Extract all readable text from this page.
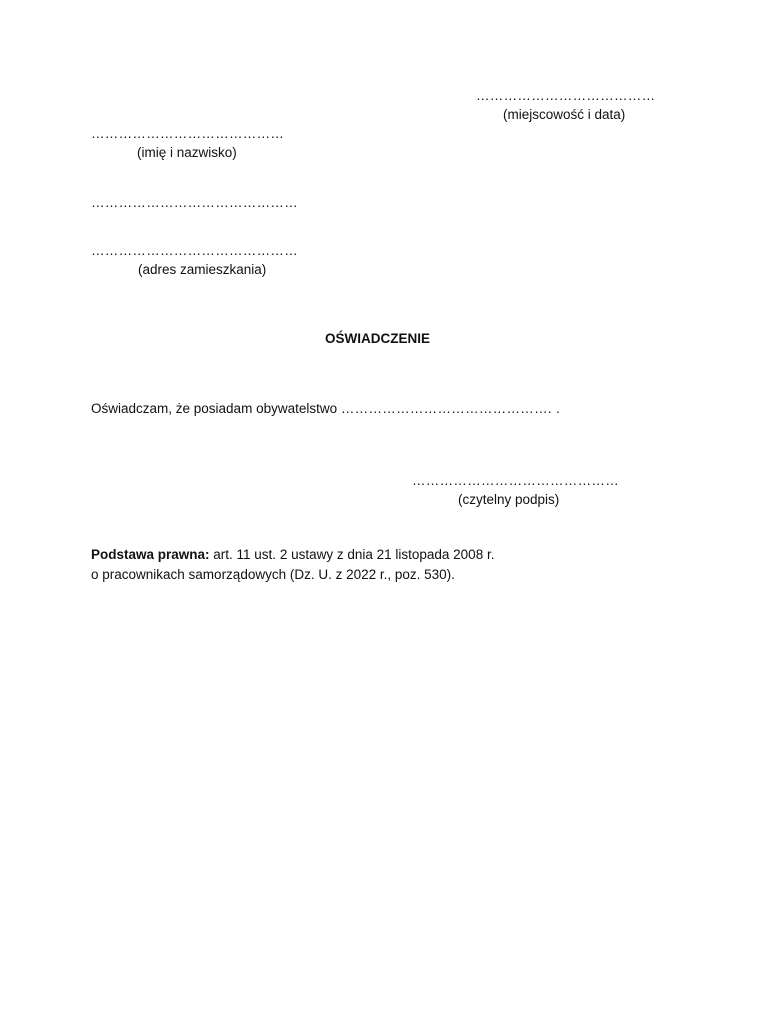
…………………………………
(miejscowość i data)
……………………………………
(imię i nazwisko)
………………………………………
………………………………………
(adres zamieszkania)
OŚWIADCZENIE
Oświadczam, że posiadam obywatelstwo ………………………………………. .
………………………………………
(czytelny podpis)
Podstawa prawna: art. 11 ust. 2 ustawy z dnia 21 listopada 2008 r.
o pracownikach samorządowych (Dz. U. z 2022 r., poz. 530).
